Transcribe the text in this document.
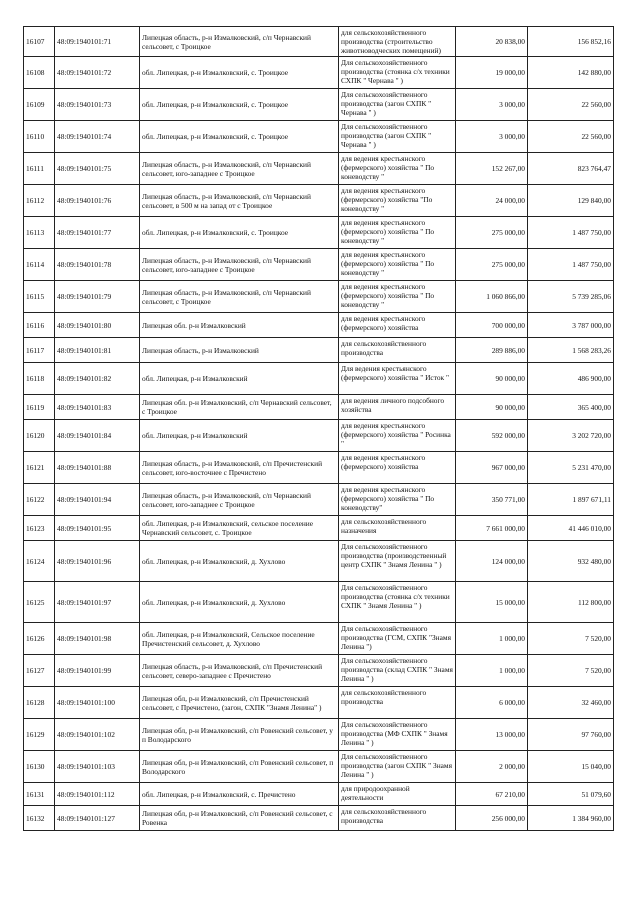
16107	48:09:1940101:71	Липецкая область, р-н Измалковский, с/п Чернавский сельсовет, с Троицкое	для сельскохозяйственного производства (строительство животноводческих помещений)	20 838,00	156 852,16
16108	48:09:1940101:72	обл. Липецкая, р-н Измалковский, с. Троицкое	Для сельскохозяйственного производства (стоянка с/х техники СХПК " Чернава " )	19 000,00	142 880,00
16109	48:09:1940101:73	обл. Липецкая, р-н Измалковский, с. Троицкое	Для сельскохозяйственного производства (загон СХПК " Чернава " )	3 000,00	22 560,00
16110	48:09:1940101:74	обл. Липецкая, р-н Измалковский, с. Троицкое	Для сельскохозяйственного производства (загон СХПК " Чернава " )	3 000,00	22 560,00
16111	48:09:1940101:75	Липецкая область, р-н Измалковский, с/п Чернавский сельсовет, юго-западнее с Троицкое	для ведения крестьянского (фермерского) хозяйства " По коневодству "	152 267,00	823 764,47
16112	48:09:1940101:76	Липецкая область, р-н Измалковский, с/п Чернавский сельсовет, в 500 м на запад от с Троицкое	для ведения крестьянского (фермерского) хозяйства "По коневодству "	24 000,00	129 840,00
16113	48:09:1940101:77	обл. Липецкая, р-н Измалковский, с. Троицкое	для ведения крестьянского (фермерского) хозяйства " По коневодству "	275 000,00	1 487 750,00
16114	48:09:1940101:78	Липецкая область, р-н Измалковский, с/п Чернавский сельсовет, юго-западнее с Троицкое	для ведения крестьянского (фермерского) хозяйства " По коневодству "	275 000,00	1 487 750,00
16115	48:09:1940101:79	Липецкая область, р-н Измалковский, с/п Чернавский сельсовет, с Троицкое	для ведения крестьянского (фермерского) хозяйства " По коневодству "	1 060 866,00	5 739 285,06
16116	48:09:1940101:80	Липецкая обл. р-н Измалковский	для ведения крестьянского (фермерского) хозяйства	700 000,00	3 787 000,00
16117	48:09:1940101:81	Липецкая область, р-н Измалковский	для сельскохозяйственного производства	289 886,00	1 568 283,26
16118	48:09:1940101:82	обл. Липецкая, р-н Измалковский	Для ведения крестьянского (фермерского) хозяйства " Исток "	90 000,00	486 900,00
16119	48:09:1940101:83	Липецкая обл. р-н Измалковский, с/п Чернавский сельсовет, с Троицкое	для ведения личного подсобного хозяйства	90 000,00	365 400,00
16120	48:09:1940101:84	обл. Липецкая, р-н Измалковский	для ведения крестьянского (фермерского) хозяйства " Росинка "	592 000,00	3 202 720,00
16121	48:09:1940101:88	Липецкая область, р-н Измалковский, с/п Пречистенский сельсовет, юго-восточнее с Пречистено	для ведения крестьянского (фермерского) хозяйства	967 000,00	5 231 470,00
16122	48:09:1940101:94	Липецкая область, р-н Измалковский, с/п Чернавский сельсовет, юго-западнее с Троицкое	для ведения крестьянского (фермерского) хозяйства " По коневодству"	350 771,00	1 897 671,11
16123	48:09:1940101:95	обл. Липецкая, р-н Измалковский, сельское поселение Чернавский сельсовет, с. Троицкое	для сельскохозяйственного назначения	7 661 000,00	41 446 010,00
16124	48:09:1940101:96	обл. Липецкая, р-н Измалковский, д. Хухлово	Для сельскохозяйственного производства (производственный центр СХПК " Знамя Ленина " )	124 000,00	932 480,00
16125	48:09:1940101:97	обл. Липецкая, р-н Измалковский, д. Хухлово	Для сельскохозяйственного производства (стоянка с/х техники СХПК " Знамя Ленина " )	15 000,00	112 800,00
16126	48:09:1940101:98	обл. Липецкая, р-н Измалковский, Сельское поселение Пречистенский сельсовет, д. Хухлово	Для сельскохозяйственного производства (ГСМ, СХПК "Знамя Ленина ")	1 000,00	7 520,00
16127	48:09:1940101:99	Липецкая область, р-н Измалковский, с/п Пречистенский сельсовет, северо-западнее с Пречистено	Для сельскохозяйственного производства (склад СХПК " Знамя Ленина " )	1 000,00	7 520,00
16128	48:09:1940101:100	Липецкая обл, р-н Измалковский, с/п Пречистенский сельсовет, с Пречистено, (загон, СХПК "Знамя Ленина" )	для сельскохозяйственного производства	6 000,00	32 460,00
16129	48:09:1940101:102	Липецкая обл, р-н Измалковский, с/п Ровенский сельсовет, у п Володарского	Для сельскохозяйственного производства (МФ СХПК " Знамя Ленина " )	13 000,00	97 760,00
16130	48:09:1940101:103	Липецкая обл, р-н Измалковский, с/п Ровенский сельсовет, п Володарского	Для сельскохозяйственного производства (загон СХПК " Знамя Ленина " )	2 000,00	15 040,00
16131	48:09:1940101:112	обл. Липецкая, р-н Измалковский, с. Пречистено	для природоохранной деятельности	67 210,00	51 079,60
16132	48:09:1940101:127	Липецкая обл, р-н Измалковский, с/п Ровенский сельсовет, с Ровенка	для сельскохозяйственного производства	256 000,00	1 384 960,00
